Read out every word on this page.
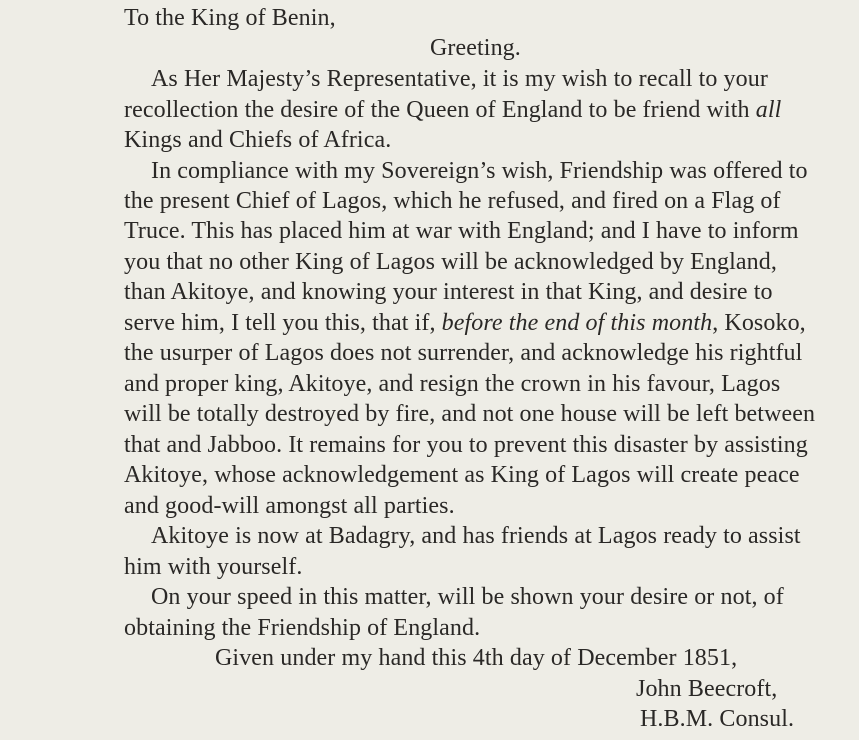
To the King of Benin,
Greeting.
As Her Majesty’s Representative, it is my wish to recall to your
recollection the desire of the Queen of England to be friend with all
Kings and Chiefs of Africa.
In compliance with my Sovereign’s wish, Friendship was offered to
the present Chief of Lagos, which he refused, and fired on a Flag of
Truce. This has placed him at war with England; and I have to inform
you that no other King of Lagos will be acknowledged by England,
than Akitoye, and knowing your interest in that King, and desire to
serve him, I tell you this, that if, before the end of this month, Kosoko,
the usurper of Lagos does not surrender, and acknowledge his rightful
and proper king, Akitoye, and resign the crown in his favour, Lagos
will be totally destroyed by fire, and not one house will be left between
that and Jabboo. It remains for you to prevent this disaster by assisting
Akitoye, whose acknowledgement as King of Lagos will create peace
and good-will amongst all parties.
Akitoye is now at Badagry, and has friends at Lagos ready to assist
him with yourself.
On your speed in this matter, will be shown your desire or not, of
obtaining the Friendship of England.
Given under my hand this 4th day of December 1851,
John Beecroft,
H.B.M. Consul.
